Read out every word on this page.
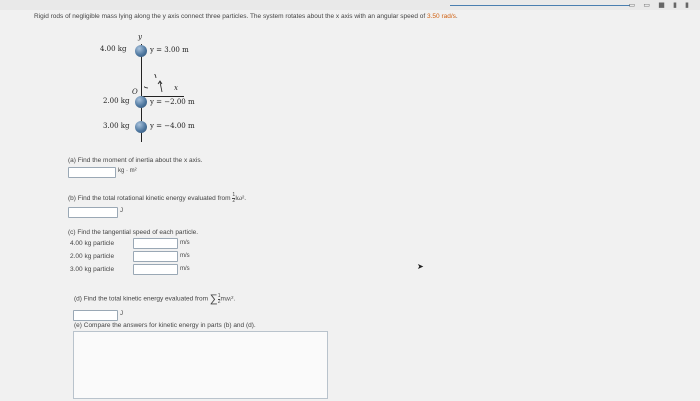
▭ ▭ ■ ▮ ▮
Rigid rods of negligible mass lying along the y axis connect three particles. The system rotates about the x axis with an angular speed of 3.50 rad/s.
y
4.00 kg	y = 3.00 m
x
O
2.00 kg	y = −2.00 m
3.00 kg	y = −4.00 m
(a) Find the moment of inertia about the x axis.
kg · m²
(b) Find the total rotational kinetic energy evaluated from $\frac{1}{2} I\omega^2$.
J
(c) Find the tangential speed of each particle.
4.00 kg particle	m/s
2.00 kg particle	m/s
3.00 kg particle	m/s
(d) Find the total kinetic energy evaluated from ∑ $\frac{1}{2}$ mᵢvᵢ².
J
(e) Compare the answers for kinetic energy in parts (b) and (d).
➤
